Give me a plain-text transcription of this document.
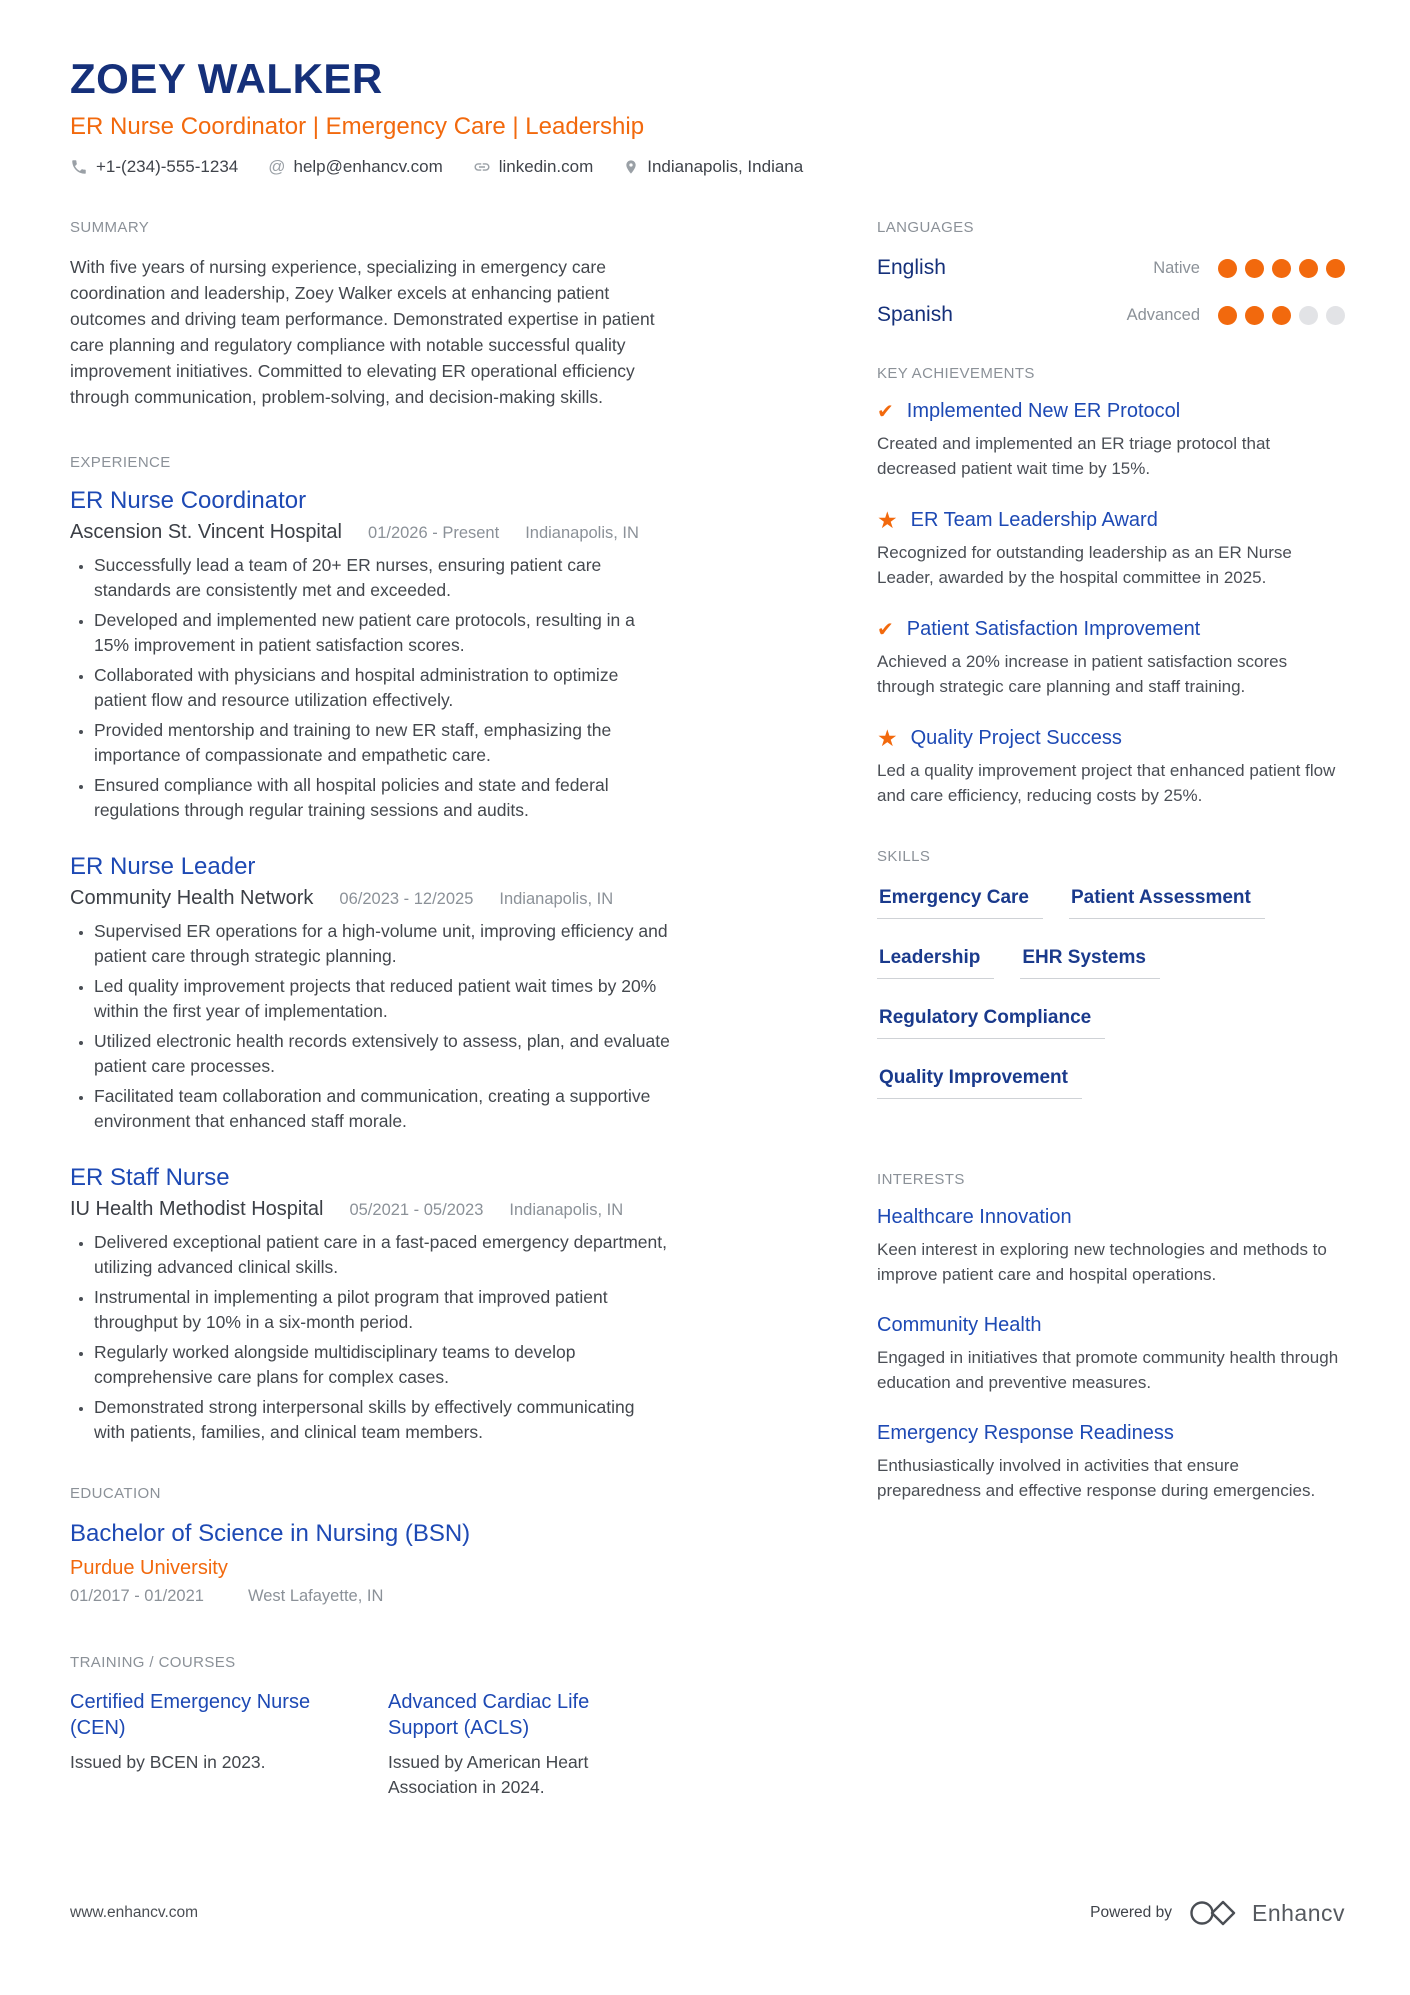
ZOEY WALKER
ER Nurse Coordinator | Emergency Care | Leadership
+1-(234)-555-1234 @ help@enhancv.com	linkedin.com	Indianapolis, Indiana
SUMMARY
With five years of nursing experience, specializing in emergency care coordination and leadership, Zoey Walker excels at enhancing patient outcomes and driving team performance. Demonstrated expertise in patient care planning and regulatory compliance with notable successful quality improvement initiatives. Committed to elevating ER operational efficiency through communication, problem-solving, and decision-making skills.
EXPERIENCE
ER Nurse Coordinator
Ascension St. Vincent Hospital 01/2026 - Present Indianapolis, IN
• Successfully lead a team of 20+ ER nurses, ensuring patient care standards are consistently met and exceeded.
• Developed and implemented new patient care protocols, resulting in a 15% improvement in patient satisfaction scores.
• Collaborated with physicians and hospital administration to optimize patient flow and resource utilization effectively.
• Provided mentorship and training to new ER staff, emphasizing the importance of compassionate and empathetic care.
• Ensured compliance with all hospital policies and state and federal regulations through regular training sessions and audits.
ER Nurse Leader
Community Health Network 06/2023 - 12/2025 Indianapolis, IN
• Supervised ER operations for a high-volume unit, improving efficiency and patient care through strategic planning.
• Led quality improvement projects that reduced patient wait times by 20% within the first year of implementation.
• Utilized electronic health records extensively to assess, plan, and evaluate patient care processes.
• Facilitated team collaboration and communication, creating a supportive environment that enhanced staff morale.
ER Staff Nurse
IU Health Methodist Hospital 05/2021 - 05/2023 Indianapolis, IN
• Delivered exceptional patient care in a fast-paced emergency department, utilizing advanced clinical skills.
• Instrumental in implementing a pilot program that improved patient throughput by 10% in a six-month period.
• Regularly worked alongside multidisciplinary teams to develop comprehensive care plans for complex cases.
• Demonstrated strong interpersonal skills by effectively communicating with patients, families, and clinical team members.
EDUCATION
Bachelor of Science in Nursing (BSN)
Purdue University
01/2017 - 01/2021	West Lafayette, IN
TRAINING / COURSES
Certified Emergency Nurse (CEN)
Issued by BCEN in 2023.
Advanced Cardiac Life Support (ACLS)
Issued by American Heart Association in 2024.
LANGUAGES
English	Native
Spanish	Advanced
KEY ACHIEVEMENTS
✔ Implemented New ER Protocol
Created and implemented an ER triage protocol that decreased patient wait time by 15%.
★ ER Team Leadership Award
Recognized for outstanding leadership as an ER Nurse Leader, awarded by the hospital committee in 2025.
✔ Patient Satisfaction Improvement
Achieved a 20% increase in patient satisfaction scores through strategic care planning and staff training.
★ Quality Project Success
Led a quality improvement project that enhanced patient flow and care efficiency, reducing costs by 25%.
SKILLS
Emergency Care Patient Assessment
Leadership EHR Systems
Regulatory Compliance
Quality Improvement
INTERESTS
Healthcare Innovation
Keen interest in exploring new technologies and methods to improve patient care and hospital operations.
Community Health
Engaged in initiatives that promote community health through education and preventive measures.
Emergency Response Readiness
Enthusiastically involved in activities that ensure preparedness and effective response during emergencies.
www.enhancv.com	Powered by	Enhancv
